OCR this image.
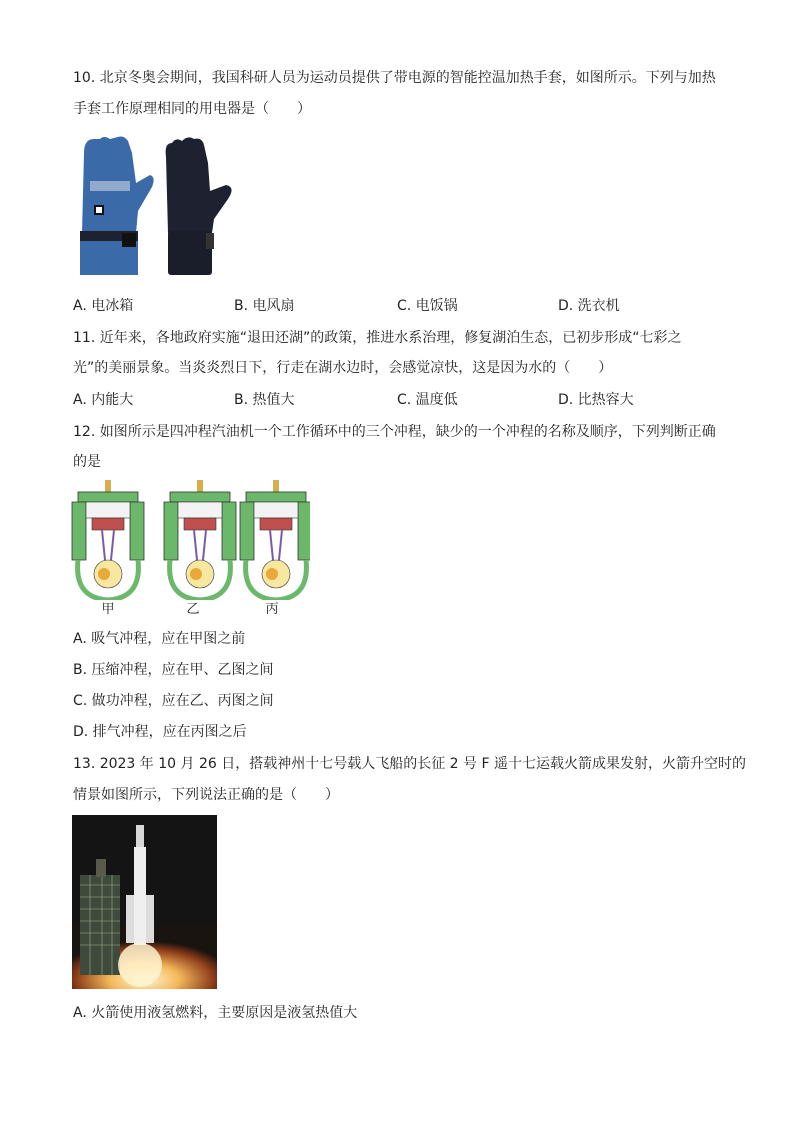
10. 北京冬奥会期间，我国科研人员为运动员提供了带电源的智能控温加热手套，如图所示。下列与加热
手套工作原理相同的用电器是（　　）
A. 电冰箱	B. 电风扇	C. 电饭锅	D. 洗衣机
11. 近年来，各地政府实施“退田还湖”的政策，推进水系治理，修复湖泊生态，已初步形成“七彩之
光”的美丽景象。当炎炎烈日下，行走在湖水边时，会感觉凉快，这是因为水的（　　）
A. 内能大	B. 热值大	C. 温度低	D. 比热容大
12. 如图所示是四冲程汽油机一个工作循环中的三个冲程，缺少的一个冲程的名称及顺序，下列判断正确
的是
甲	乙	丙
A. 吸气冲程，应在甲图之前
B. 压缩冲程，应在甲、乙图之间
C. 做功冲程，应在乙、丙图之间
D. 排气冲程，应在丙图之后
13. 2023 年 10 月 26 日，搭载神州十七号载人飞船的长征 2 号 F 遥十七运载火箭成果发射，火箭升空时的
情景如图所示，下列说法正确的是（　　）
A. 火箭使用液氢燃料，主要原因是液氢热值大
